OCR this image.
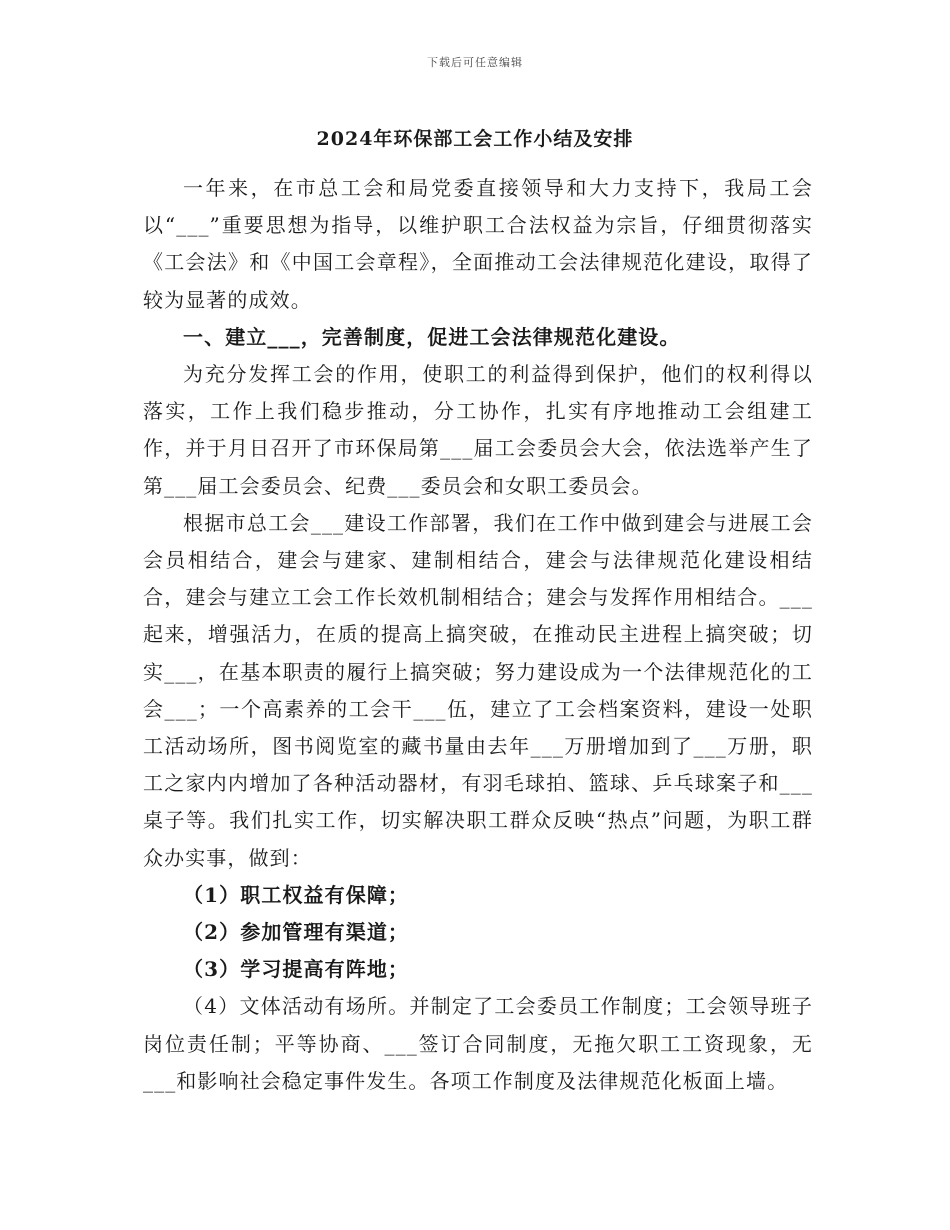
下载后可任意编辑
2024年环保部工会工作小结及安排

一年来，在市总工会和局党委直接领导和大力支持下，我局工会以“___”重要思想为指导，以维护职工合法权益为宗旨，仔细贯彻落实《工会法》和《中国工会章程》，全面推动工会法律规范化建设，取得了较为显著的成效。

一、建立___，完善制度，促进工会法律规范化建设。

为充分发挥工会的作用，使职工的利益得到保护，他们的权利得以落实，工作上我们稳步推动，分工协作，扎实有序地推动工会组建工作，并于月日召开了市环保局第___届工会委员会大会，依法选举产生了第___届工会委员会、纪费___委员会和女职工委员会。

根据市总工会___建设工作部署，我们在工作中做到建会与进展工会会员相结合，建会与建家、建制相结合，建会与法律规范化建设相结合，建会与建立工会工作长效机制相结合；建会与发挥作用相结合。___起来，增强活力，在质的提高上搞突破，在推动民主进程上搞突破；切实___，在基本职责的履行上搞突破；努力建设成为一个法律规范化的工会___；一个高素养的工会干___伍，建立了工会档案资料，建设一处职工活动场所，图书阅览室的藏书量由去年___万册增加到了___万册，职工之家内内增加了各种活动器材，有羽毛球拍、篮球、乒乓球案子和___桌子等。我们扎实工作，切实解决职工群众反映“热点”问题，为职工群众办实事，做到：

（1）职工权益有保障；

（2）参加管理有渠道；

（3）学习提高有阵地；

（4）文体活动有场所。并制定了工会委员工作制度；工会领导班子岗位责任制；平等协商、___签订合同制度，无拖欠职工工资现象，无___和影响社会稳定事件发生。各项工作制度及法律规范化板面上墙。
